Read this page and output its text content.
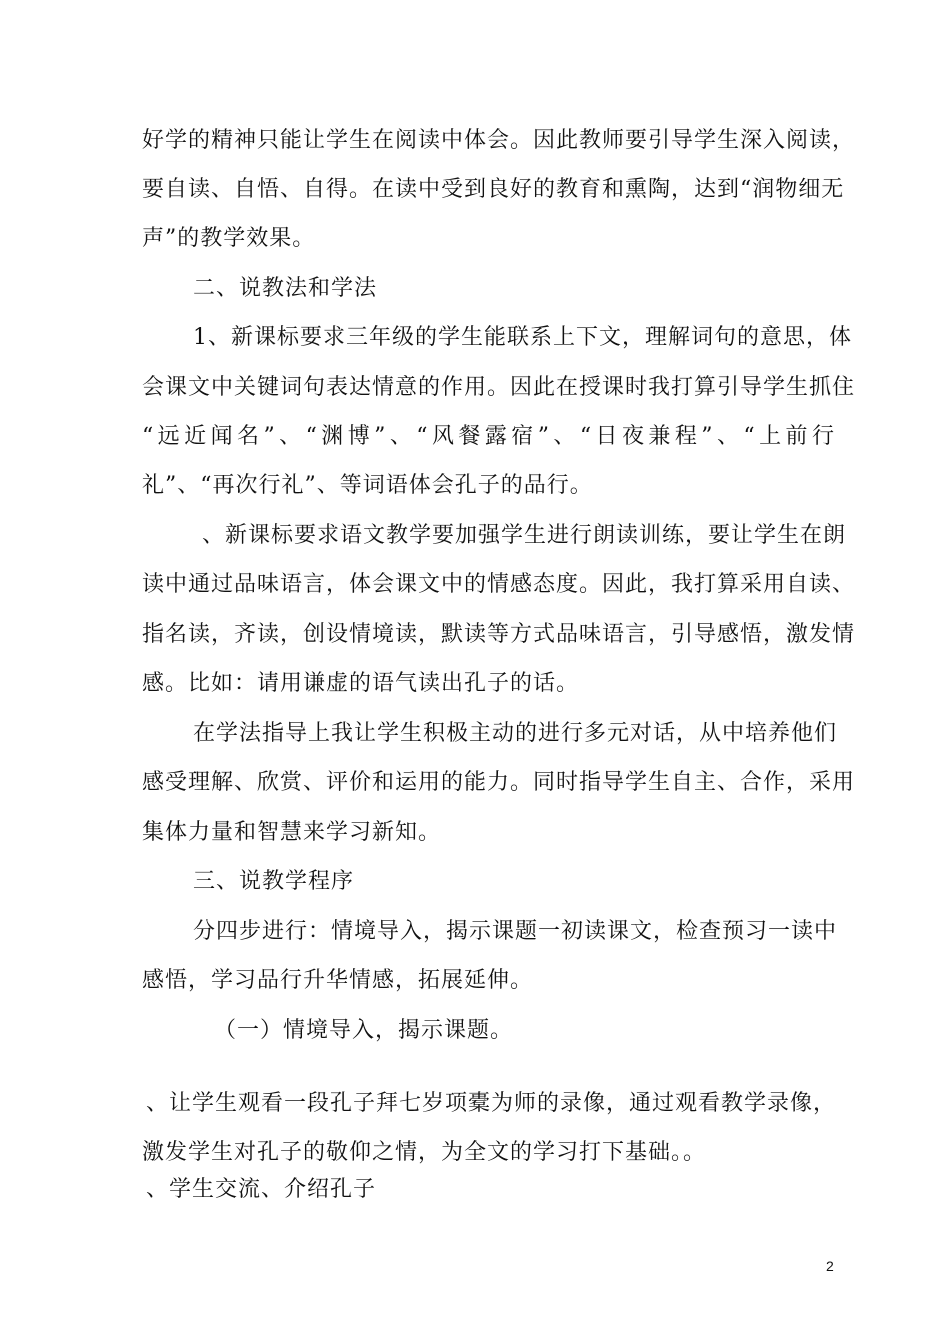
好学的精神只能让学生在阅读中体会。因此教师要引导学生深入阅读，
要自读、自悟、自得。在读中受到良好的教育和熏陶，达到“润物细无
声”的教学效果。
二、说教法和学法
1、新课标要求三年级的学生能联系上下文，理解词句的意思，体
会课文中关键词句表达情意的作用。因此在授课时我打算引导学生抓住
“远近闻名”、“渊博”、“风餐露宿”、“日夜兼程”、“上前行
礼”、“再次行礼”、等词语体会孔子的品行。
、新课标要求语文教学要加强学生进行朗读训练，要让学生在朗
读中通过品味语言，体会课文中的情感态度。因此，我打算采用自读、
指名读，齐读，创设情境读，默读等方式品味语言，引导感悟，激发情
感。比如：请用谦虚的语气读出孔子的话。
在学法指导上我让学生积极主动的进行多元对话，从中培养他们
感受理解、欣赏、评价和运用的能力。同时指导学生自主、合作，采用
集体力量和智慧来学习新知。
三、说教学程序
分四步进行：情境导入，揭示课题一初读课文，检查预习一读中
感悟，学习品行升华情感，拓展延伸。
（一）情境导入，揭示课题。
、让学生观看一段孔子拜七岁项橐为师的录像，通过观看教学录像，
激发学生对孔子的敬仰之情，为全文的学习打下基础。。
、学生交流、介绍孔子
2
